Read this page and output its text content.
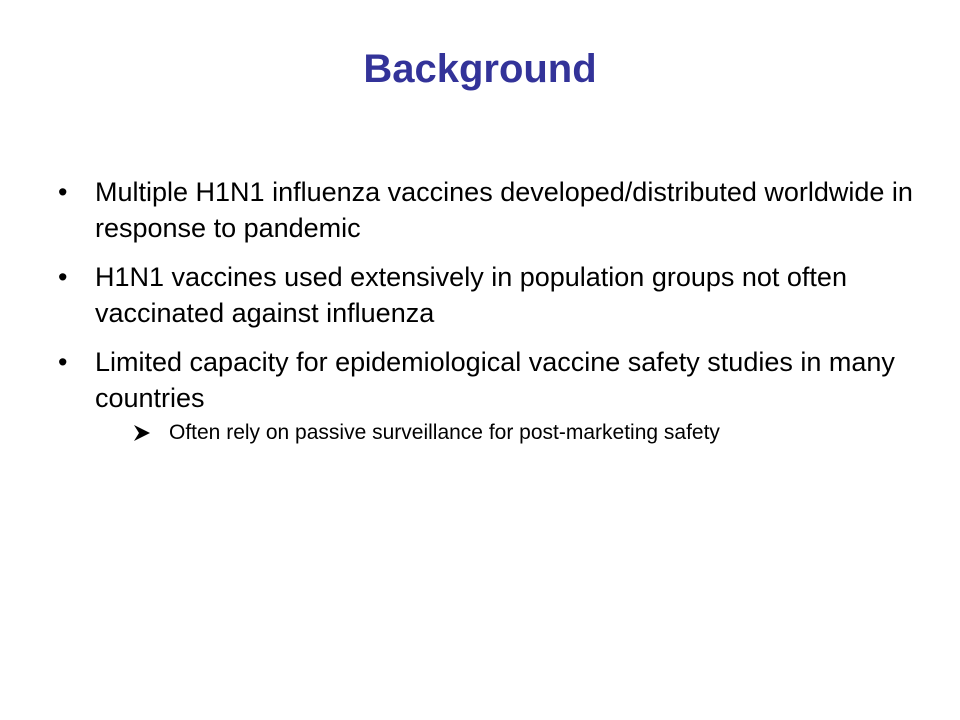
Background
• Multiple H1N1 influenza vaccines developed/distributed worldwide in response to pandemic
• H1N1 vaccines used extensively in population groups not often vaccinated against influenza
• Limited capacity for epidemiological vaccine safety studies in many countries
Often rely on passive surveillance for post-marketing safety
